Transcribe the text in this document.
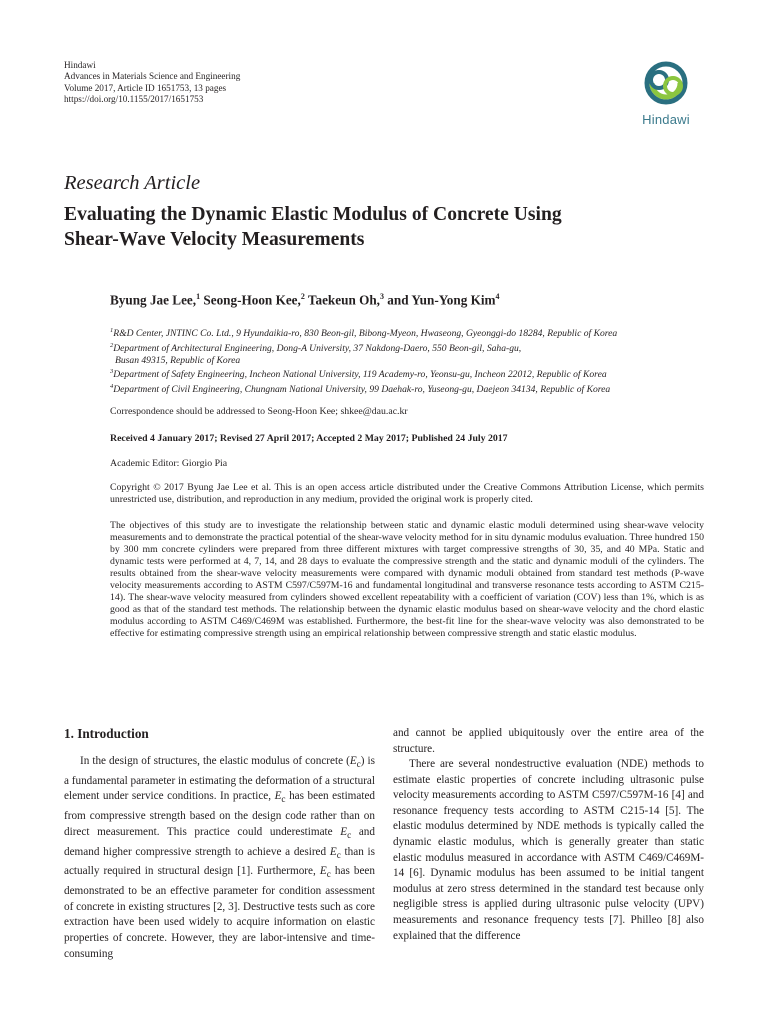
Hindawi
Advances in Materials Science and Engineering
Volume 2017, Article ID 1651753, 13 pages
https://doi.org/10.1155/2017/1651753
Hindawi
Research Article
Evaluating the Dynamic Elastic Modulus of Concrete Using
Shear-Wave Velocity Measurements
Byung Jae Lee,$^1$ Seong-Hoon Kee,$^2$ Taekeun Oh,$^3$ and Yun-Yong Kim$^4$
$^1$R&D Center, JNTINC Co. Ltd., 9 Hyundaikia-ro, 830 Beon-gil, Bibong-Myeon, Hwaseong, Gyeonggi-do 18284, Republic of Korea
$^2$Department of Architectural Engineering, Dong-A University, 37 Nakdong-Daero, 550 Beon-gil, Saha-gu,
Busan 49315, Republic of Korea
$^3$Department of Safety Engineering, Incheon National University, 119 Academy-ro, Yeonsu-gu, Incheon 22012, Republic of Korea
$^4$Department of Civil Engineering, Chungnam National University, 99 Daehak-ro, Yuseong-gu, Daejeon 34134, Republic of Korea
Correspondence should be addressed to Seong-Hoon Kee; shkee@dau.ac.kr
Received 4 January 2017; Revised 27 April 2017; Accepted 2 May 2017; Published 24 July 2017
Academic Editor: Giorgio Pia
Copyright © 2017 Byung Jae Lee et al. This is an open access article distributed under the Creative Commons Attribution License, which permits unrestricted use, distribution, and reproduction in any medium, provided the original work is properly cited.
The objectives of this study are to investigate the relationship between static and dynamic elastic moduli determined using shear-wave velocity measurements and to demonstrate the practical potential of the shear-wave velocity method for in situ dynamic modulus evaluation. Three hundred 150 by 300 mm concrete cylinders were prepared from three different mixtures with target compressive strengths of 30, 35, and 40 MPa. Static and dynamic tests were performed at 4, 7, 14, and 28 days to evaluate the compressive strength and the static and dynamic moduli of the cylinders. The results obtained from the shear-wave velocity measurements were compared with dynamic moduli obtained from standard test methods (P-wave velocity measurements according to ASTM C597/C597M-16 and fundamental longitudinal and transverse resonance tests according to ASTM C215-14). The shear-wave velocity measured from cylinders showed excellent repeatability with a coefficient of variation (COV) less than 1%, which is as good as that of the standard test methods. The relationship between the dynamic elastic modulus based on shear-wave velocity and the chord elastic modulus according to ASTM C469/C469M was established. Furthermore, the best-fit line for the shear-wave velocity was also demonstrated to be effective for estimating compressive strength using an empirical relationship between compressive strength and static elastic modulus.
1. Introduction

In the design of structures, the elastic modulus of concrete $(E_c)$ is a fundamental parameter in estimating the deformation of a structural element under service conditions. In practice, $E_c$ has been estimated from compressive strength based on the design code rather than on direct measurement. This practice could underestimate $E_c$ and demand higher compressive strength to achieve a desired $E_c$ than is actually required in structural design [1]. Furthermore, $E_c$ has been demonstrated to be an effective parameter for condition assessment of concrete in existing structures [2, 3]. Destructive tests such as core extraction have been used widely to acquire information on elastic properties of concrete. However, they are labor-intensive and time-consuming

and cannot be applied ubiquitously over the entire area of the structure.

There are several nondestructive evaluation (NDE) methods to estimate elastic properties of concrete including ultrasonic pulse velocity measurements according to ASTM C597/C597M-16 [4] and resonance frequency tests according to ASTM C215-14 [5]. The elastic modulus determined by NDE methods is typically called the dynamic elastic modulus, which is generally greater than static elastic modulus measured in accordance with ASTM C469/C469M-14 [6]. Dynamic modulus has been assumed to be initial tangent modulus at zero stress determined in the standard test because only negligible stress is applied during ultrasonic pulse velocity (UPV) measurements and resonance frequency tests [7]. Philleo [8] also explained that the difference
